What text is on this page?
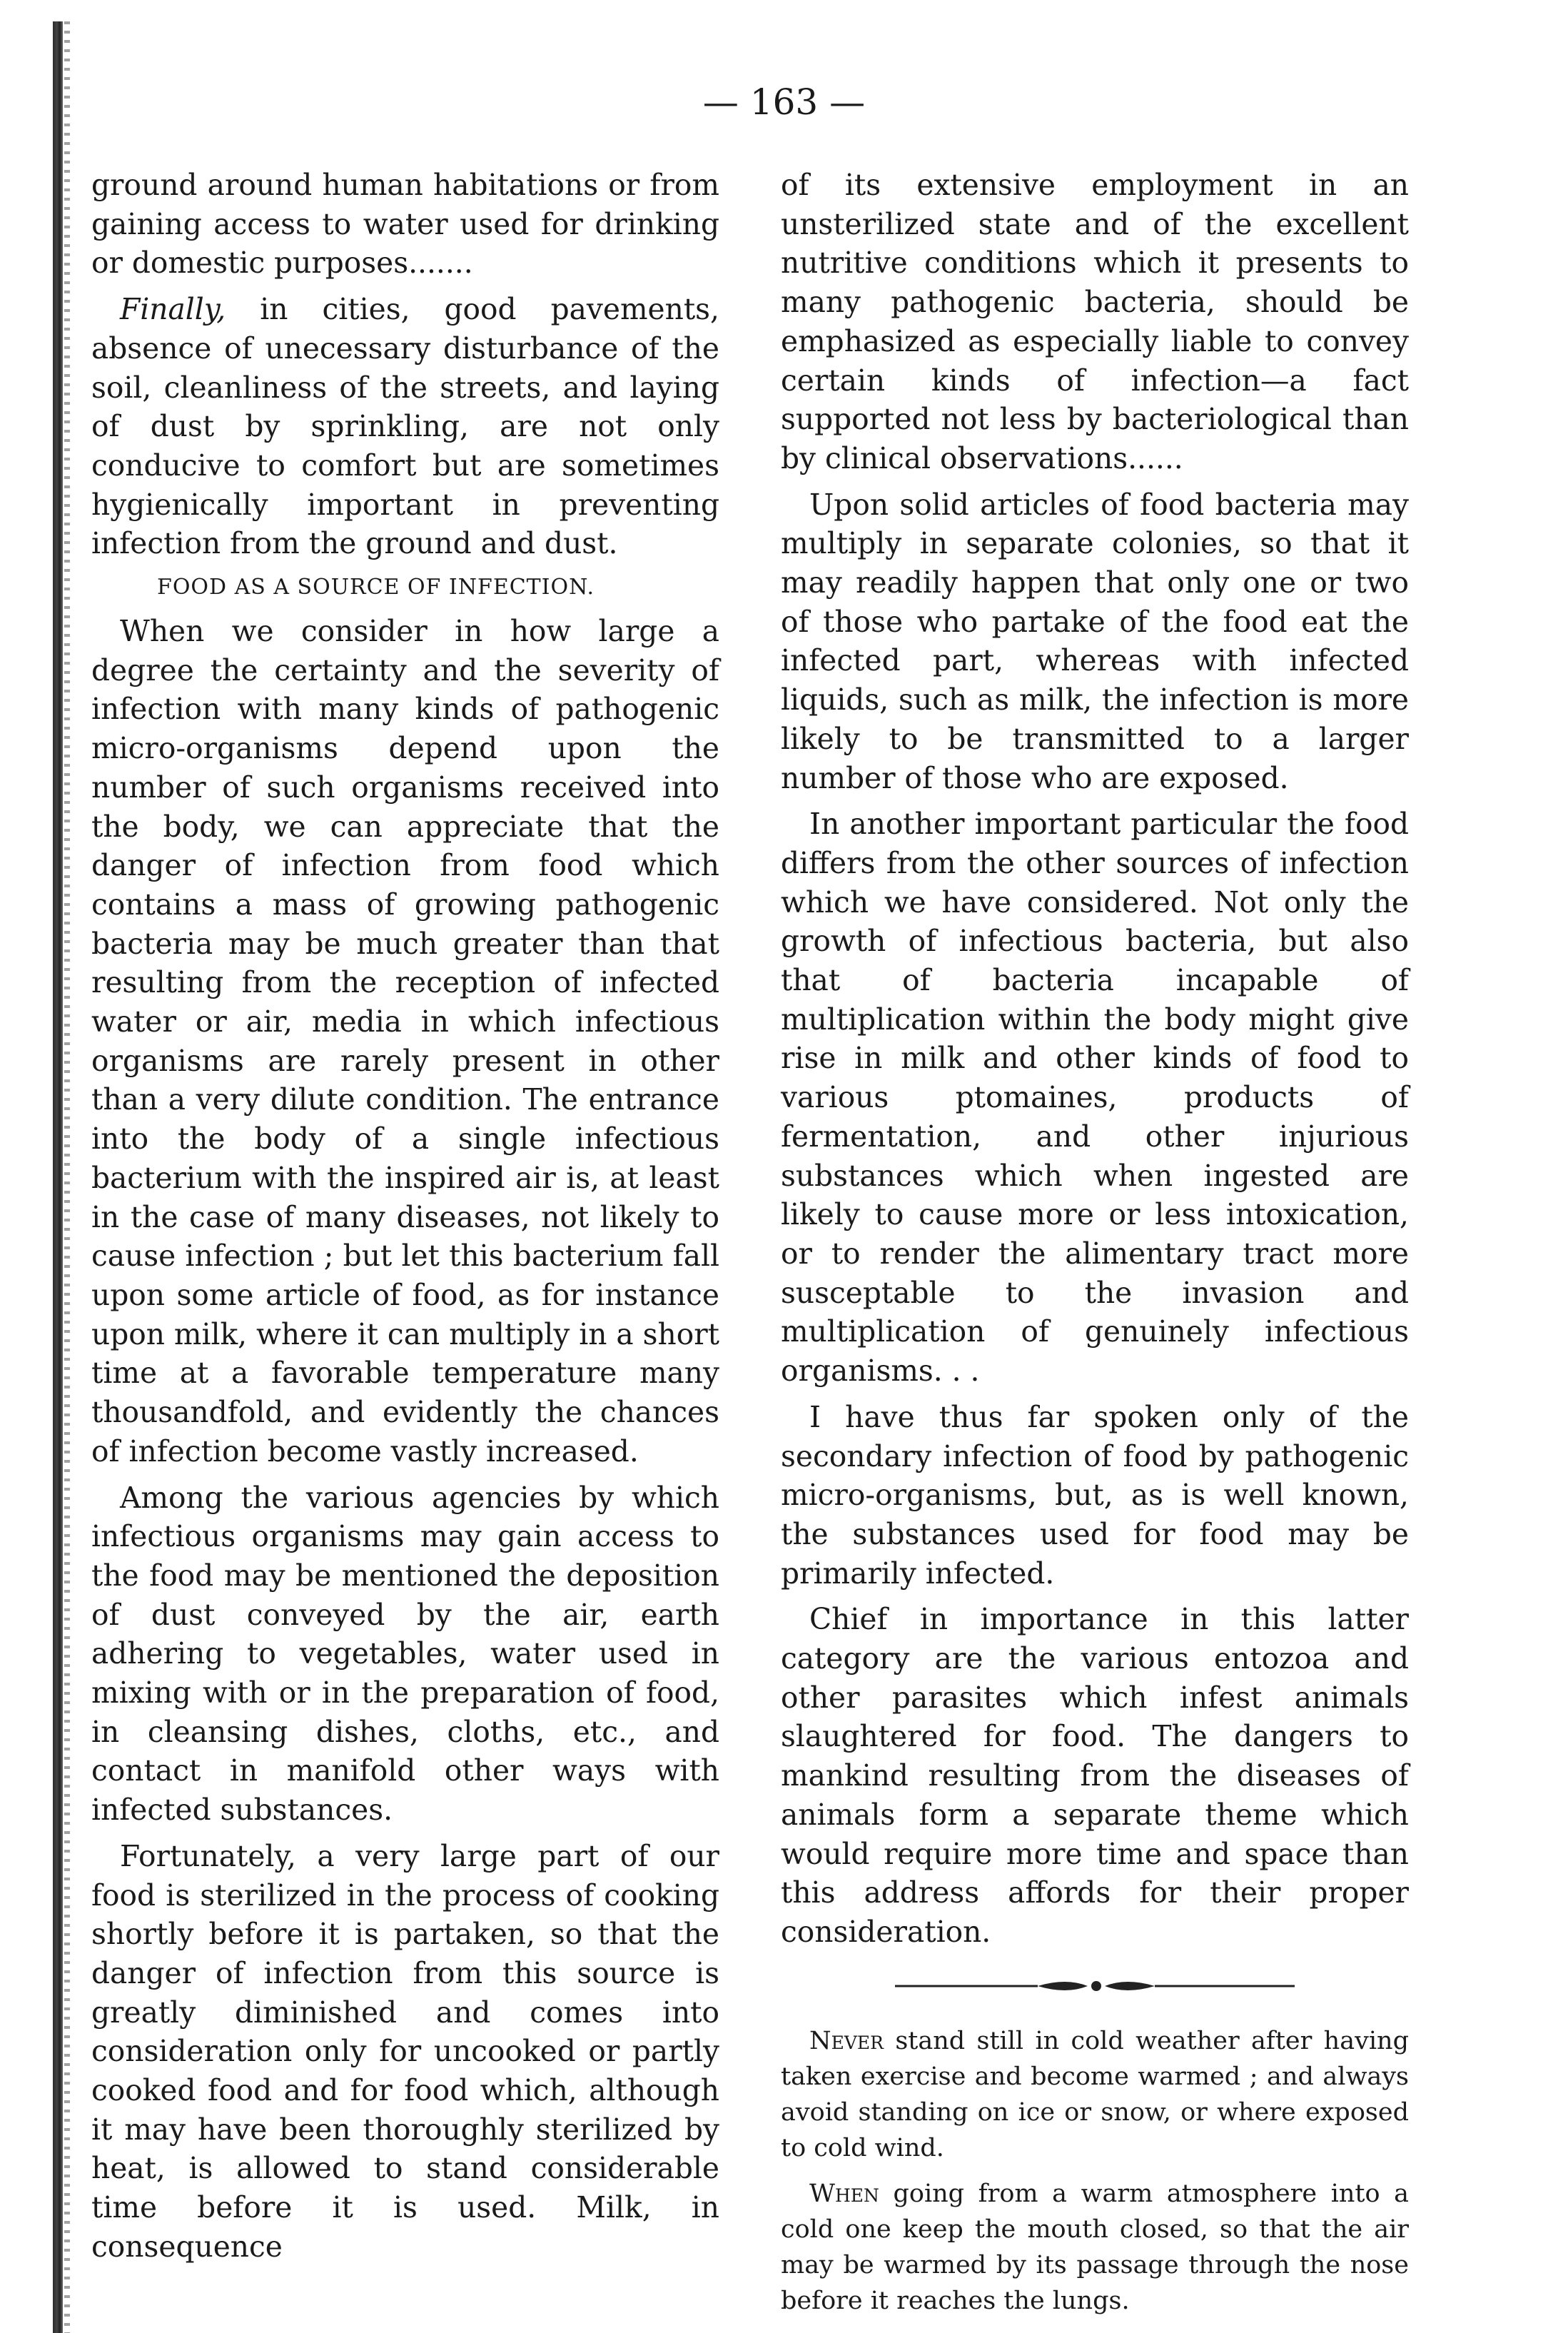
— 163 —

ground around human habitations or from gaining access to water used for drinking or domestic purposes.......

Finally, in cities, good pavements, absence of unecessary disturbance of the soil, cleanliness of the streets, and laying of dust by sprinkling, are not only conducive to comfort but are sometimes hygienically important in preventing infection from the ground and dust.

FOOD AS A SOURCE OF INFECTION.

When we consider in how large a degree the certainty and the severity of infection with many kinds of pathogenic micro-organisms depend upon the number of such organisms received into the body, we can appreciate that the danger of infection from food which contains a mass of growing pathogenic bacteria may be much greater than that resulting from the reception of infected water or air, media in which infectious organisms are rarely present in other than a very dilute condition. The entrance into the body of a single infectious bacterium with the inspired air is, at least in the case of many diseases, not likely to cause infection ; but let this bacterium fall upon some article of food, as for instance upon milk, where it can multiply in a short time at a favorable temperature many thousandfold, and evidently the chances of infection become vastly increased.

Among the various agencies by which infectious organisms may gain access to the food may be mentioned the deposition of dust conveyed by the air, earth adhering to vegetables, water used in mixing with or in the preparation of food, in cleansing dishes, cloths, etc., and contact in manifold other ways with infected substances.

Fortunately, a very large part of our food is sterilized in the process of cooking shortly before it is partaken, so that the danger of infection from this source is greatly diminished and comes into consideration only for uncooked or partly cooked food and for food which, although it may have been thoroughly sterilized by heat, is allowed to stand considerable time before it is used. Milk, in consequence

of its extensive employment in an unsterilized state and of the excellent nutritive conditions which it presents to many pathogenic bacteria, should be emphasized as especially liable to convey certain kinds of infection—a fact supported not less by bacteriological than by clinical observations......

Upon solid articles of food bacteria may multiply in separate colonies, so that it may readily happen that only one or two of those who partake of the food eat the infected part, whereas with infected liquids, such as milk, the infection is more likely to be transmitted to a larger number of those who are exposed.

In another important particular the food differs from the other sources of infection which we have considered. Not only the growth of infectious bacteria, but also that of bacteria incapable of multiplication within the body might give rise in milk and other kinds of food to various ptomaines, products of fermentation, and other injurious substances which when ingested are likely to cause more or less intoxication, or to render the alimentary tract more susceptable to the invasion and multiplication of genuinely infectious organisms. . .

I have thus far spoken only of the secondary infection of food by pathogenic micro-organisms, but, as is well known, the substances used for food may be primarily infected.

Chief in importance in this latter category are the various entozoa and other parasites which infest animals slaughtered for food. The dangers to mankind resulting from the diseases of animals form a separate theme which would require more time and space than this address affords for their proper consideration.

Never stand still in cold weather after having taken exercise and become warmed ; and always avoid standing on ice or snow, or where exposed to cold wind.

When going from a warm atmosphere into a cold one keep the mouth closed, so that the air may be warmed by its passage through the nose before it reaches the lungs.
